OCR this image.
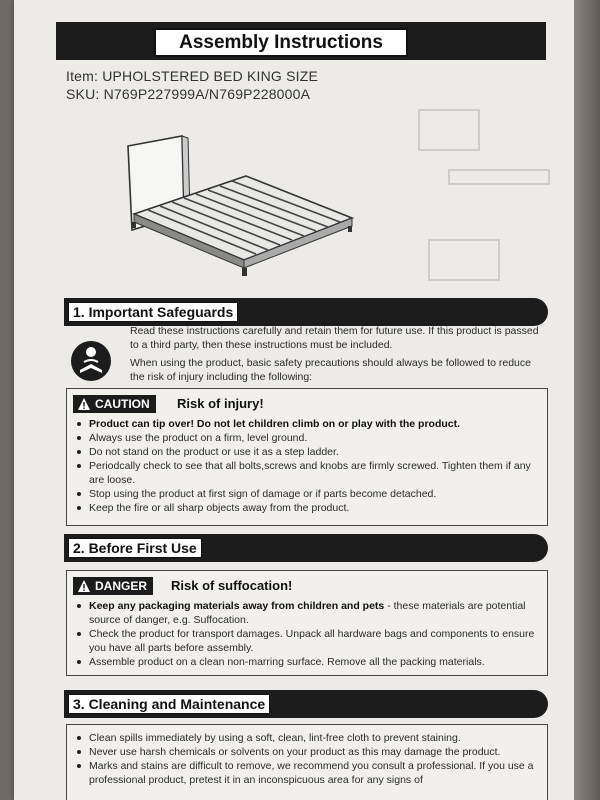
Assembly Instructions
Item: UPHOLSTERED BED KING SIZE
SKU: N769P227999A/N769P228000A
1. Important Safeguards
Read these instructions carefully and retain them for future use. If this product is passed to a third party, then these instructions must be included.
When using the product, basic safety precautions should always be followed to reduce the risk of injury including the following:
CAUTION Risk of injury!
Product can tip over! Do not let children climb on or play with the product.
Always use the product on a firm, level ground.
Do not stand on the product or use it as a step ladder.
Periodcally check to see that all bolts,screws and knobs are firmly screwed. Tighten them if any are loose.
Stop using the product at first sign of damage or if parts become detached.
Keep the fire or all sharp objects away from the product.
2. Before First Use
DANGER Risk of suffocation!
Keep any packaging materials away from children and pets - these materials are potential source of danger, e.g. Suffocation.
Check the product for transport damages. Unpack all hardware bags and components to ensure you have all parts before assembly.
Assemble product on a clean non-marring surface. Remove all the packing materials.
3. Cleaning and Maintenance
Clean spills immediately by using a soft, clean, lint-free cloth to prevent staining.
Never use harsh chemicals or solvents on your product as this may damage the product.
Marks and stains are difficult to remove, we recommend you consult a professional. If you use a professional product, pretest it in an inconspicuous area for any signs of
